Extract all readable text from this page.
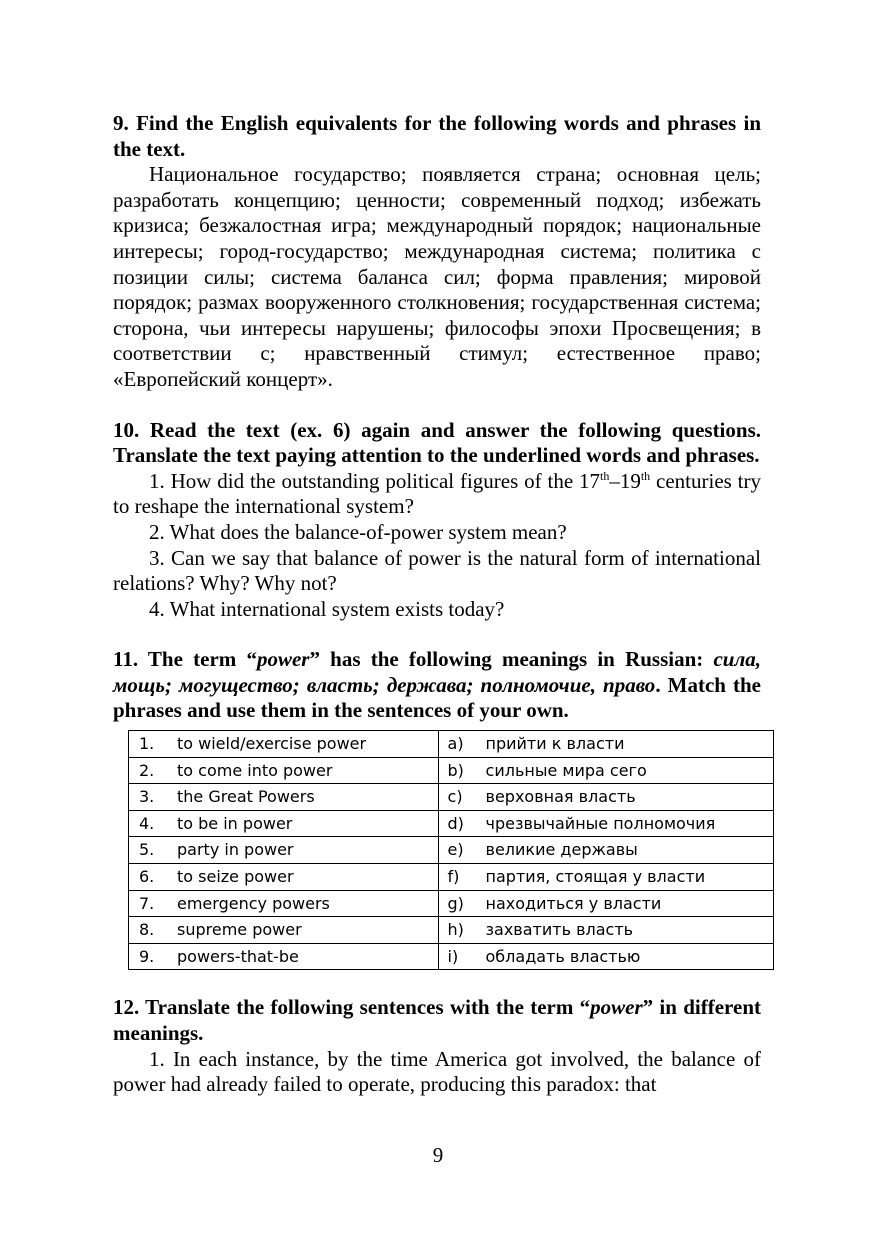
9. Find the English equivalents for the following words and phrases in the text.
Национальное государство; появляется страна; основная цель; разработать концепцию; ценности; современный подход; избежать кризиса; безжалостная игра; международный порядок; национальные интересы; город-государство; международная система; политика с позиции силы; система баланса сил; форма правления; мировой порядок; размах вооруженного столкновения; государственная система; сторона, чьи интересы нарушены; философы эпохи Просвещения; в соответствии с; нравственный стимул; естественное право; «Европейский концерт».
10. Read the text (ex. 6) again and answer the following questions. Translate the text paying attention to the underlined words and phrases.
1. How did the outstanding political figures of the 17th–19th centuries try to reshape the international system?
2. What does the balance-of-power system mean?
3. Can we say that balance of power is the natural form of international relations? Why? Why not?
4. What international system exists today?
11. The term “power” has the following meanings in Russian: сила, мощь; могущество; власть; держава; полномочие, право. Match the phrases and use them in the sentences of your own.
1. to wield/exercise power	a) прийти к власти
2. to come into power	b) сильные мира сего
3. the Great Powers	c) верховная власть
4. to be in power	d) чрезвычайные полномочия
5. party in power	e) великие державы
6. to seize power	f) партия, стоящая у власти
7. emergency powers	g) находиться у власти
8. supreme power	h) захватить власть
9. powers-that-be	i) обладать властью
12. Translate the following sentences with the term “power” in different meanings.
1. In each instance, by the time America got involved, the balance of power had already failed to operate, producing this paradox: that
9
